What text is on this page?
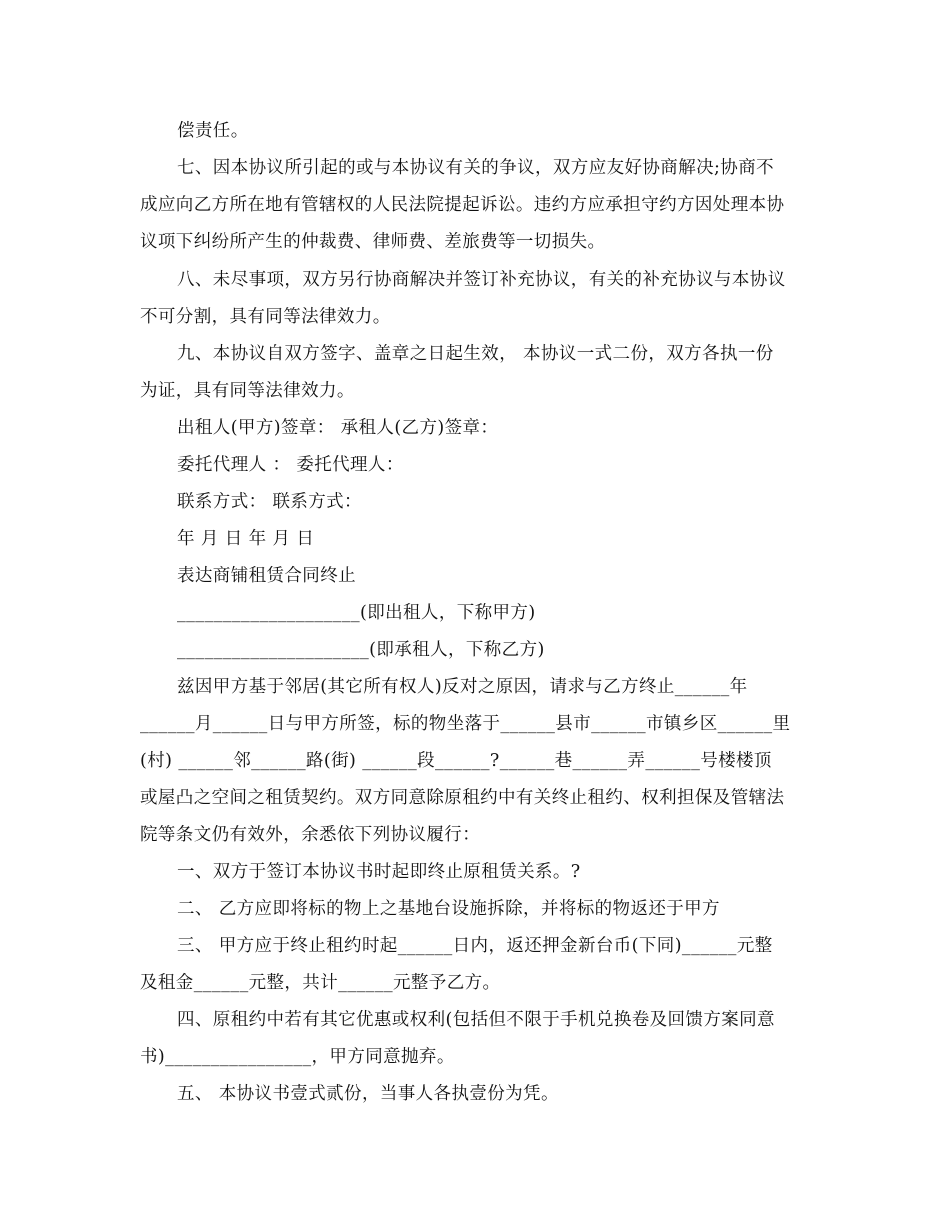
偿责任。
七、因本协议所引起的或与本协议有关的争议，双方应友好协商解决;协商不
成应向乙方所在地有管辖权的人民法院提起诉讼。违约方应承担守约方因处理本协
议项下纠纷所产生的仲裁费、律师费、差旅费等一切损失。
八、未尽事项，双方另行协商解决并签订补充协议，有关的补充协议与本协议
不可分割，具有同等法律效力。
九、本协议自双方签字、盖章之日起生效， 本协议一式二份，双方各执一份
为证，具有同等法律效力。
出租人(甲方)签章： 承租人(乙方)签章：
委托代理人 ： 委托代理人：
联系方式： 联系方式：
年 月 日 年 月 日
表达商铺租赁合同终止
____________________(即出租人，下称甲方)
_____________________(即承租人，下称乙方)
兹因甲方基于邻居(其它所有权人)反对之原因，请求与乙方终止______年
______月______日与甲方所签，标的物坐落于______县市______市镇乡区______里
(村) ______邻______路(街) ______段______?______巷______弄______号楼楼顶
或屋凸之空间之租赁契约。双方同意除原租约中有关终止租约、权利担保及管辖法
院等条文仍有效外，余悉依下列协议履行：
一、双方于签订本协议书时起即终止原租赁关系。?
二、 乙方应即将标的物上之基地台设施拆除，并将标的物返还于甲方
三、 甲方应于终止租约时起______日内，返还押金新台币(下同)______元整
及租金______元整，共计______元整予乙方。
四、原租约中若有其它优惠或权利(包括但不限于手机兑换卷及回馈方案同意
书)________________，甲方同意抛弃。
五、 本协议书壹式贰份，当事人各执壹份为凭。
